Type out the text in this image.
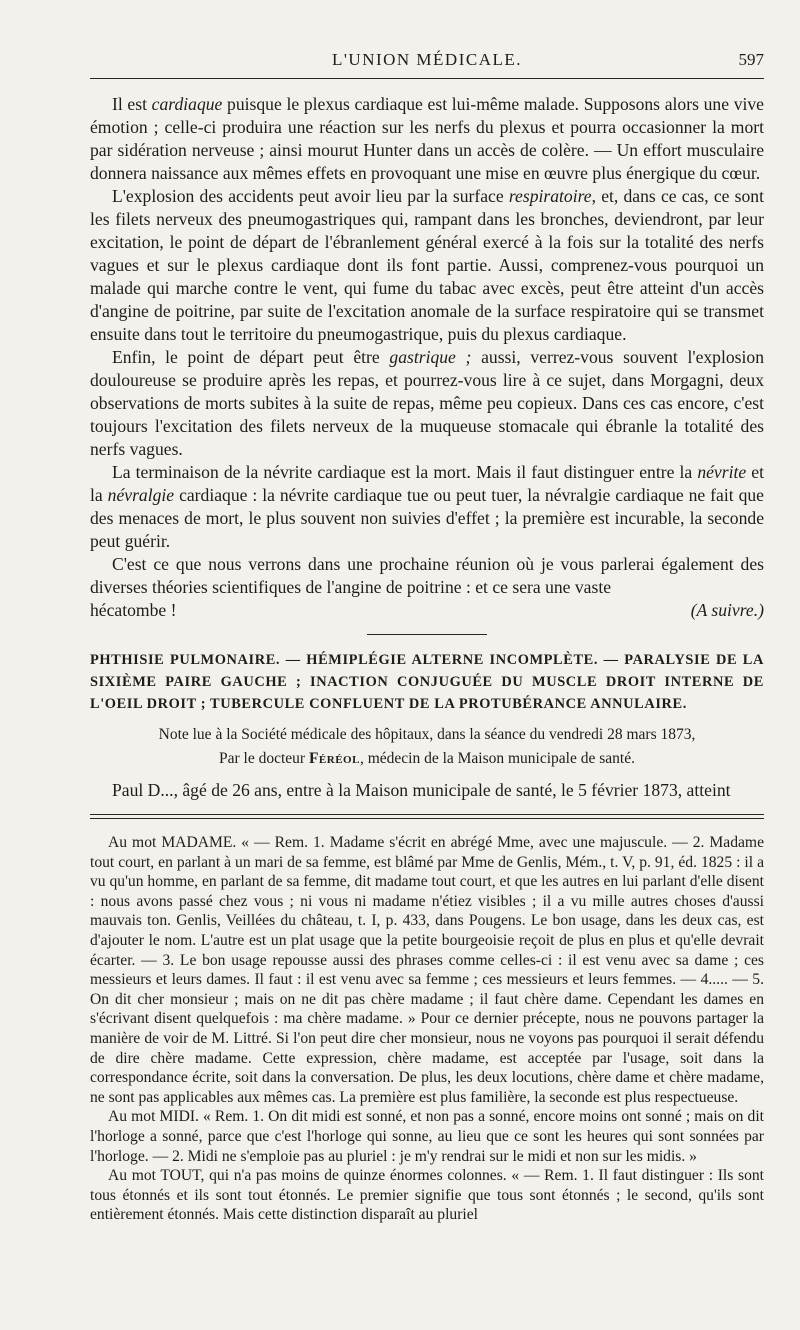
L'UNION MÉDICALE.	597

Il est cardiaque puisque le plexus cardiaque est lui-même malade. Supposons alors une vive émotion ; celle-ci produira une réaction sur les nerfs du plexus et pourra occasionner la mort par sidération nerveuse ; ainsi mourut Hunter dans un accès de colère. — Un effort musculaire donnera naissance aux mêmes effets en provoquant une mise en œuvre plus énergique du cœur.

L'explosion des accidents peut avoir lieu par la surface respiratoire, et, dans ce cas, ce sont les filets nerveux des pneumogastriques qui, rampant dans les bronches, deviendront, par leur excitation, le point de départ de l'ébranlement général exercé à la fois sur la totalité des nerfs vagues et sur le plexus cardiaque dont ils font partie. Aussi, comprenez-vous pourquoi un malade qui marche contre le vent, qui fume du tabac avec excès, peut être atteint d'un accès d'angine de poitrine, par suite de l'excitation anomale de la surface respiratoire qui se transmet ensuite dans tout le territoire du pneumogastrique, puis du plexus cardiaque.

Enfin, le point de départ peut être gastrique ; aussi, verrez-vous souvent l'explosion douloureuse se produire après les repas, et pourrez-vous lire à ce sujet, dans Morgagni, deux observations de morts subites à la suite de repas, même peu copieux. Dans ces cas encore, c'est toujours l'excitation des filets nerveux de la muqueuse stomacale qui ébranle la totalité des nerfs vagues.

La terminaison de la névrite cardiaque est la mort. Mais il faut distinguer entre la névrite et la névralgie cardiaque : la névrite cardiaque tue ou peut tuer, la névralgie cardiaque ne fait que des menaces de mort, le plus souvent non suivies d'effet ; la première est incurable, la seconde peut guérir.

C'est ce que nous verrons dans une prochaine réunion où je vous parlerai également des diverses théories scientifiques de l'angine de poitrine : et ce sera une vaste

hécatombe !	(A suivre.)

PHTHISIE PULMONAIRE. — HÉMIPLÉGIE ALTERNE INCOMPLÈTE. — PARALYSIE DE LA SIXIÈME PAIRE GAUCHE ; INACTION CONJUGUÉE DU MUSCLE DROIT INTERNE DE L'OEIL DROIT ; TUBERCULE CONFLUENT DE LA PROTUBÉRANCE ANNULAIRE.

Note lue à la Société médicale des hôpitaux, dans la séance du vendredi 28 mars 1873,
Par le docteur Féréol, médecin de la Maison municipale de santé.
Paul D..., âgé de 26 ans, entre à la Maison municipale de santé, le 5 février 1873, atteint

Au mot MADAME. « — Rem. 1. Madame s'écrit en abrégé Mme, avec une majuscule. — 2. Madame tout court, en parlant à un mari de sa femme, est blâmé par Mme de Genlis, Mém., t. V, p. 91, éd. 1825 : il a vu qu'un homme, en parlant de sa femme, dit madame tout court, et que les autres en lui parlant d'elle disent : nous avons passé chez vous ; ni vous ni madame n'étiez visibles ; il a vu mille autres choses d'aussi mauvais ton. Genlis, Veillées du château, t. I, p. 433, dans Pougens. Le bon usage, dans les deux cas, est d'ajouter le nom. L'autre est un plat usage que la petite bourgeoisie reçoit de plus en plus et qu'elle devrait écarter. — 3. Le bon usage repousse aussi des phrases comme celles-ci : il est venu avec sa dame ; ces messieurs et leurs dames. Il faut : il est venu avec sa femme ; ces messieurs et leurs femmes. — 4..... — 5. On dit cher monsieur ; mais on ne dit pas chère madame ; il faut chère dame. Cependant les dames en s'écrivant disent quelquefois : ma chère madame. » Pour ce dernier précepte, nous ne pouvons partager la manière de voir de M. Littré. Si l'on peut dire cher monsieur, nous ne voyons pas pourquoi il serait défendu de dire chère madame. Cette expression, chère madame, est acceptée par l'usage, soit dans la correspondance écrite, soit dans la conversation. De plus, les deux locutions, chère dame et chère madame, ne sont pas applicables aux mêmes cas. La première est plus familière, la seconde est plus respectueuse.

Au mot MIDI. « Rem. 1. On dit midi est sonné, et non pas a sonné, encore moins ont sonné ; mais on dit l'horloge a sonné, parce que c'est l'horloge qui sonne, au lieu que ce sont les heures qui sont sonnées par l'horloge. — 2. Midi ne s'emploie pas au pluriel : je m'y rendrai sur le midi et non sur les midis. »

Au mot TOUT, qui n'a pas moins de quinze énormes colonnes. « — Rem. 1. Il faut distinguer : Ils sont tous étonnés et ils sont tout étonnés. Le premier signifie que tous sont étonnés ; le second, qu'ils sont entièrement étonnés. Mais cette distinction disparaît au pluriel
